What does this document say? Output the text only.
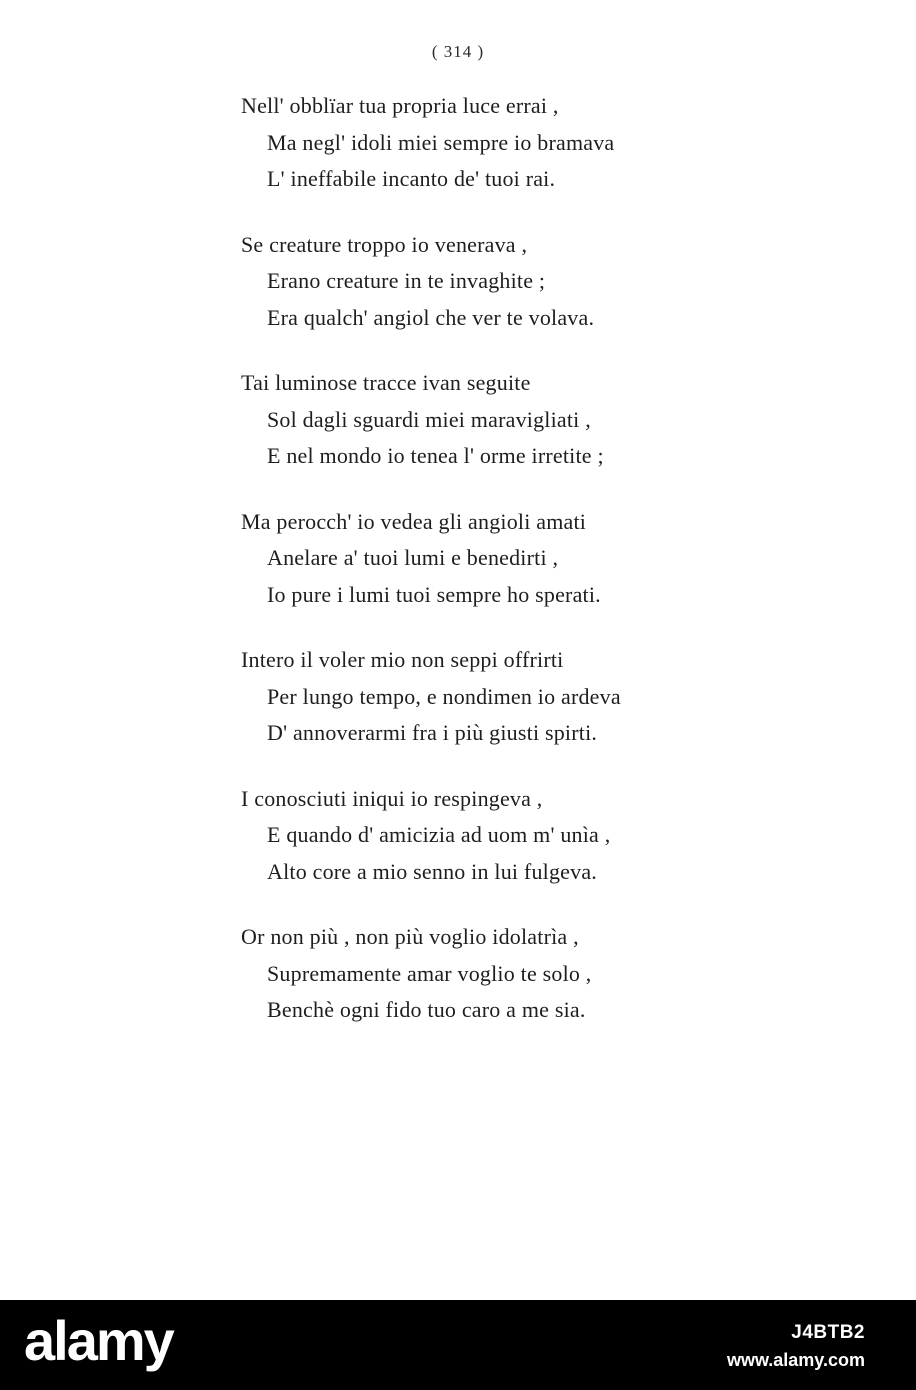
( 314 )
Nell' obblïar tua propria luce errai ,
Ma negl' idoli miei sempre io bramava
L' ineffabile incanto de' tuoi rai.
Se creature troppo io venerava ,
Erano creature in te invaghite ;
Era qualch' angiol che ver te volava.
Tai luminose tracce ivan seguite
Sol dagli sguardi miei maravigliati ,
E nel mondo io tenea l' orme irretite ;
Ma perocch' io vedea gli angioli amati
Anelare a' tuoi lumi e benedirti ,
Io pure i lumi tuoi sempre ho sperati.
Intero il voler mio non seppi offrirti
Per lungo tempo, e nondimen io ardeva
D' annoverarmi fra i più giusti spirti.
I conosciuti iniqui io respingeva ,
E quando d' amicizia ad uom m' unìa ,
Alto core a mio senno in lui fulgeva.
Or non più , non più voglio idolatrìa ,
Supremamente amar voglio te solo ,
Benchè ogni fido tuo caro a me sia.
alamy	J4BTB2
www.alamy.com
